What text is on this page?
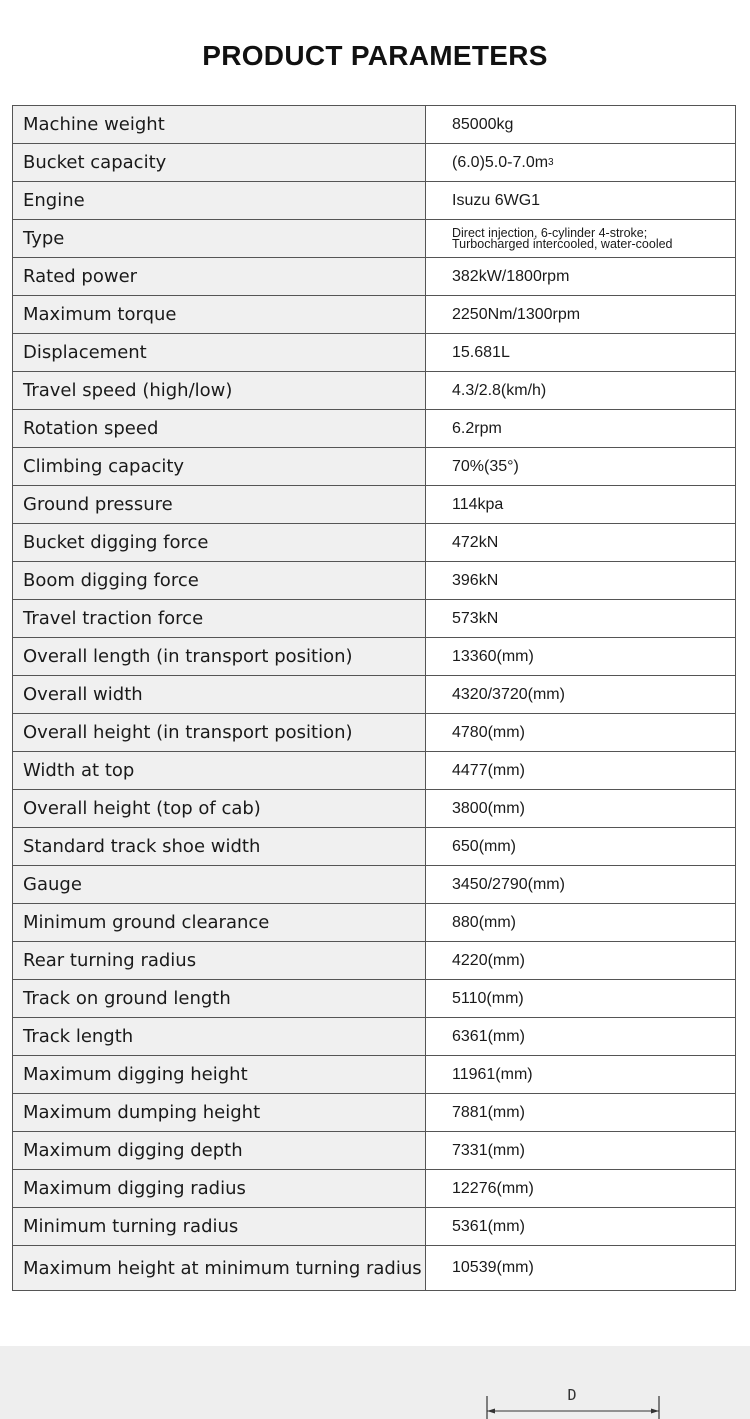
PRODUCT PARAMETERS
Machine weight	85000kg
Bucket capacity	(6.0)5.0-7.0m 3
Engine	Isuzu 6WG1
Type	Direct injection, 6-cylinder 4-stroke;
Turbocharged intercooled, water-cooled
Rated power	382kW/1800rpm
Maximum torque	2250Nm/1300rpm
Displacement	15.681L
Travel speed (high/low)	4.3/2.8(km/h)
Rotation speed	6.2rpm
Climbing capacity	70%(35°)
Ground pressure	114kpa
Bucket digging force	472kN
Boom digging force	396kN
Travel traction force	573kN
Overall length (in transport position)	13360(mm)
Overall width	4320/3720(mm)
Overall height (in transport position)	4780(mm)
Width at top	4477(mm)
Overall height (top of cab)	3800(mm)
Standard track shoe width	650(mm)
Gauge	3450/2790(mm)
Minimum ground clearance	880(mm)
Rear turning radius	4220(mm)
Track on ground length	5110(mm)
Track length	6361(mm)
Maximum digging height	11961(mm)
Maximum dumping height	7881(mm)
Maximum digging depth	7331(mm)
Maximum digging radius	12276(mm)
Minimum turning radius	5361(mm)
Maximum height at minimum turning radius 10539(mm)
D
